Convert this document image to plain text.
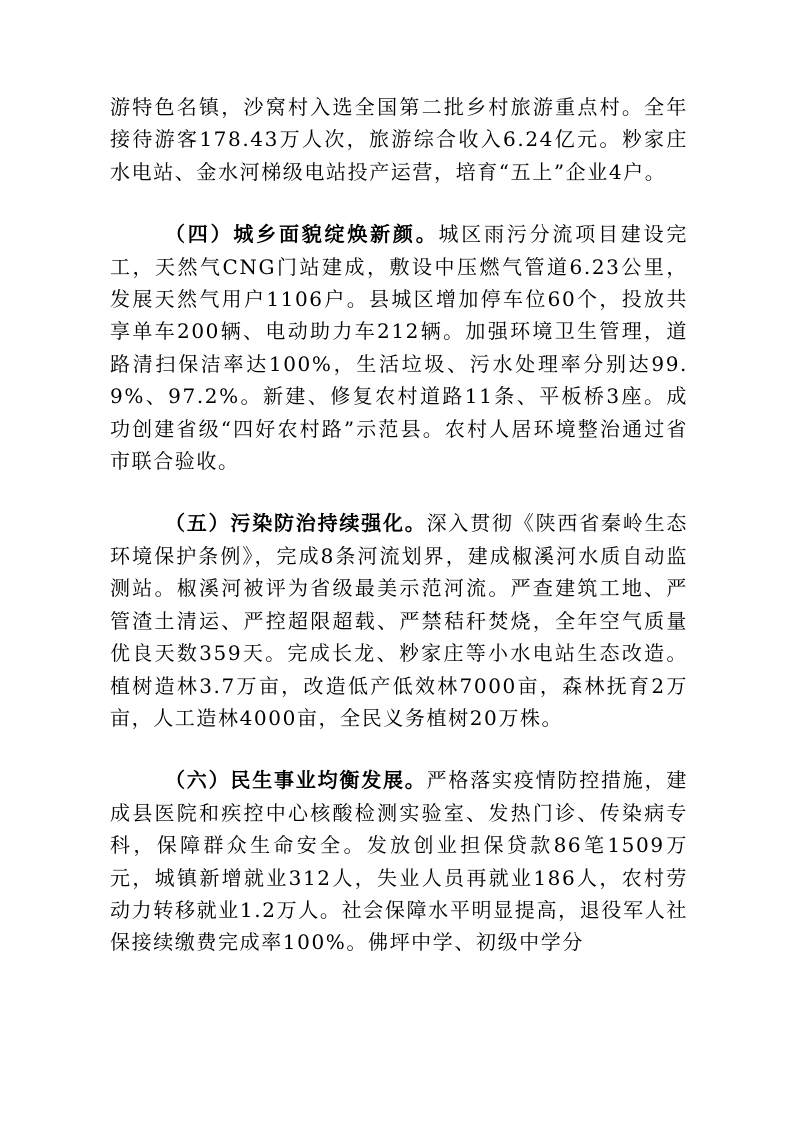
游特色名镇，沙窝村入选全国第二批乡村旅游重点村。全年接待游客178.43万人次，旅游综合收入6.24亿元。粆家庄水电站、金水河梯级电站投产运营，培育“五上”企业4户。

（四）城乡面貌绽焕新颜。城区雨污分流项目建设完工，天然气CNG门站建成，敷设中压燃气管道6.23公里，发展天然气用户1106户。县城区增加停车位60个，投放共享单车200辆、电动助力车212辆。加强环境卫生管理，道路清扫保洁率达100%，生活垃圾、污水处理率分别达99.9%、97.2%。新建、修复农村道路11条、平板桥3座。成功创建省级“四好农村路”示范县。农村人居环境整治通过省市联合验收。

（五）污染防治持续强化。深入贯彻《陕西省秦岭生态环境保护条例》，完成8条河流划界，建成椒溪河水质自动监测站。椒溪河被评为省级最美示范河流。严查建筑工地、严管渣土清运、严控超限超载、严禁秸秆焚烧，全年空气质量优良天数359天。完成长龙、粆家庄等小水电站生态改造。植树造林3.7万亩，改造低产低效林7000亩，森林抚育2万亩，人工造林4000亩，全民义务植树20万株。

（六）民生事业均衡发展。严格落实疫情防控措施，建成县医院和疾控中心核酸检测实验室、发热门诊、传染病专科，保障群众生命安全。发放创业担保贷款86笔1509万元，城镇新增就业312人，失业人员再就业186人，农村劳动力转移就业1.2万人。社会保障水平明显提高，退役军人社保接续缴费完成率100%。佛坪中学、初级中学分
